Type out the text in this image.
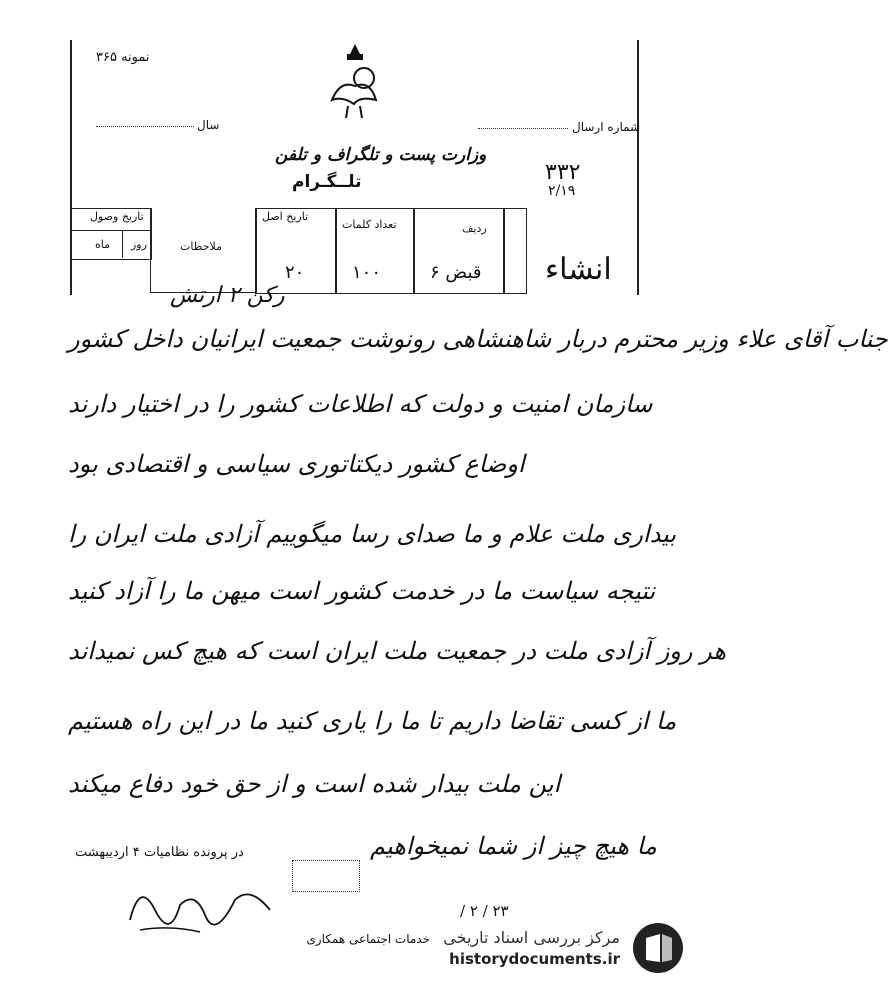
نمونه ۳۶۵
سال
وزارت پست و تلگراف و تلفن
تلــگـرام
شماره ارسال
۳۳۲
۲/۱۹
تاریخ وصول
روز
ماه	ملاحظات
تاریخ اصل
۲۰
تعداد کلمات
۱۰۰
ردیف
قبض ۶ انشاء
رکن ۲ ارتش
جناب آقای علاء وزیر محترم دربار شاهنشاهی رونوشت جمعیت ایرانیان داخل کشور
سازمان امنیت و دولت که اطلاعات کشور را در اختیار دارند
اوضاع کشور دیکتاتوری سیاسی و اقتصادی بود
بیداری ملت علام و ما صدای رسا میگوییم آزادی ملت ایران را
نتیجه سیاست ما در خدمت کشور است میهن ما را آزاد کنید
هر روز آزادی ملت در جمعیت ملت ایران است که هیچ کس نمیداند
ما از کسی تقاضا داریم تا ما را یاری کنید ما در این راه هستیم
این ملت بیدار شده است و از حق خود دفاع میکند
ما هیچ چیز از شما نمیخواهیم
در پرونده نظامیات ۴ اردیبهشت
۲۳ / ۲ /
مرکز بررسی اسناد تاریخی
خدمات اجتماعی همکاری
historydocuments.ir
